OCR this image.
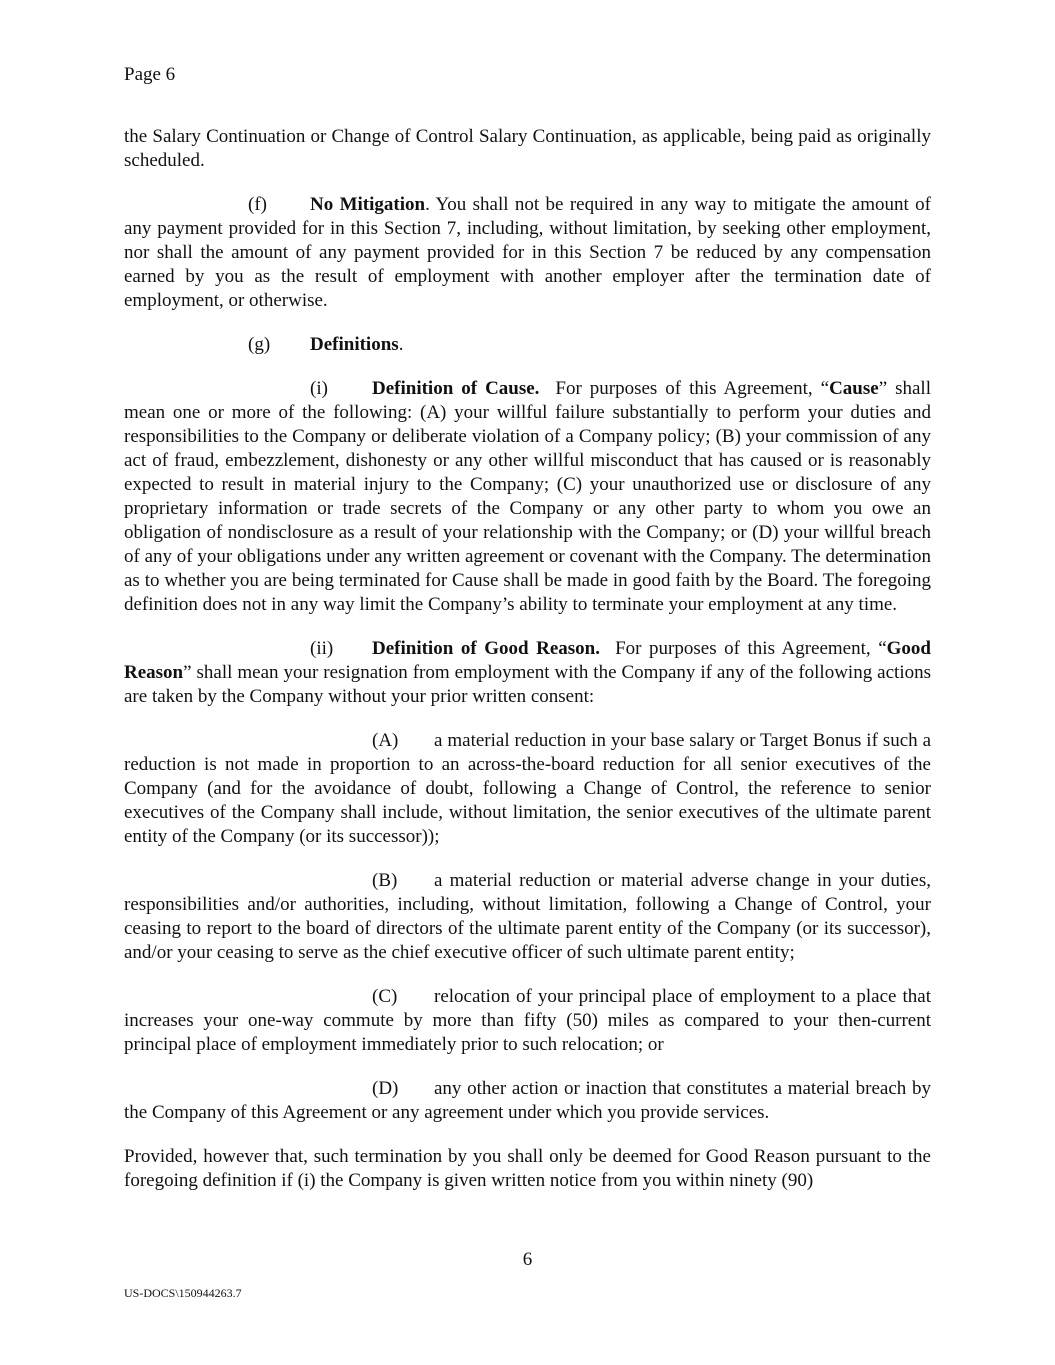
Page 6

the Salary Continuation or Change of Control Salary Continuation, as applicable, being paid as originally scheduled.

(f) No Mitigation. You shall not be required in any way to mitigate the amount of any payment provided for in this Section 7, including, without limitation, by seeking other employment, nor shall the amount of any payment provided for in this Section 7 be reduced by any compensation earned by you as the result of employment with another employer after the termination date of employment, or otherwise.

(g) Definitions.

(i) Definition of Cause.  For purposes of this Agreement, “Cause” shall mean one or more of the following: (A) your willful failure substantially to perform your duties and responsibilities to the Company or deliberate violation of a Company policy; (B) your commission of any act of fraud, embezzlement, dishonesty or any other willful misconduct that has caused or is reasonably expected to result in material injury to the Company; (C) your unauthorized use or disclosure of any proprietary information or trade secrets of the Company or any other party to whom you owe an obligation of nondisclosure as a result of your relationship with the Company; or (D) your willful breach of any of your obligations under any written agreement or covenant with the Company. The determination as to whether you are being terminated for Cause shall be made in good faith by the Board. The foregoing definition does not in any way limit the Company’s ability to terminate your employment at any time.

(ii) Definition of Good Reason.  For purposes of this Agreement, “Good Reason” shall mean your resignation from employment with the Company if any of the following actions are taken by the Company without your prior written consent:

(A) a material reduction in your base salary or Target Bonus if such a reduction is not made in proportion to an across-the-board reduction for all senior executives of the Company (and for the avoidance of doubt, following a Change of Control, the reference to senior executives of the Company shall include, without limitation, the senior executives of the ultimate parent entity of the Company (or its successor));

(B) a material reduction or material adverse change in your duties, responsibilities and/or authorities, including, without limitation, following a Change of Control, your ceasing to report to the board of directors of the ultimate parent entity of the Company (or its successor), and/or your ceasing to serve as the chief executive officer of such ultimate parent entity;

(C) relocation of your principal place of employment to a place that increases your one-way commute by more than fifty (50) miles as compared to your then-current principal place of employment immediately prior to such relocation; or

(D) any other action or inaction that constitutes a material breach by the Company of this Agreement or any agreement under which you provide services.

Provided, however that, such termination by you shall only be deemed for Good Reason pursuant to the foregoing definition if (i) the Company is given written notice from you within ninety (90)

6
US-DOCS\150944263.7
